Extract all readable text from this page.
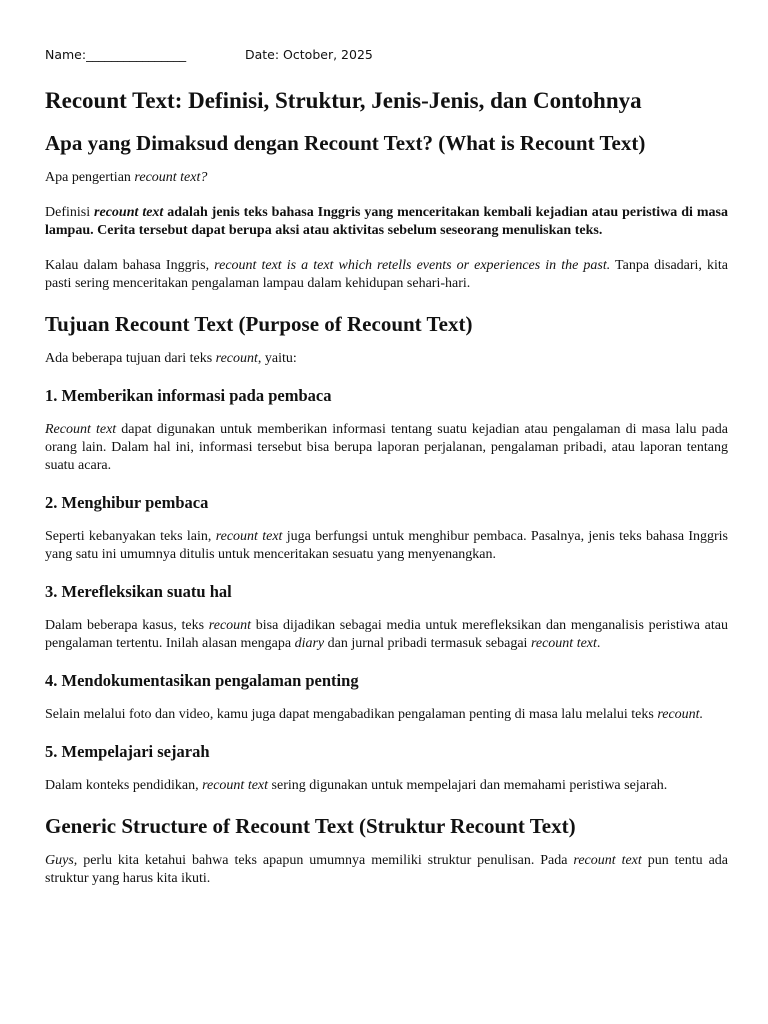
Name:________________	Date: October, 2025
Recount Text: Definisi, Struktur, Jenis-Jenis, dan Contohnya
Apa yang Dimaksud dengan Recount Text? (What is Recount Text)

Apa pengertian recount text?

Definisi recount text adalah jenis teks bahasa Inggris yang menceritakan kembali kejadian atau peristiwa di masa lampau. Cerita tersebut dapat berupa aksi atau aktivitas sebelum seseorang menuliskan teks.

Kalau dalam bahasa Inggris, recount text is a text which retells events or experiences in the past. Tanpa disadari, kita pasti sering menceritakan pengalaman lampau dalam kehidupan sehari-hari.

Tujuan Recount Text (Purpose of Recount Text)

Ada beberapa tujuan dari teks recount, yaitu:

1. Memberikan informasi pada pembaca

Recount text dapat digunakan untuk memberikan informasi tentang suatu kejadian atau pengalaman di masa lalu pada orang lain. Dalam hal ini, informasi tersebut bisa berupa laporan perjalanan, pengalaman pribadi, atau laporan tentang suatu acara.

2. Menghibur pembaca

Seperti kebanyakan teks lain, recount text juga berfungsi untuk menghibur pembaca. Pasalnya, jenis teks bahasa Inggris yang satu ini umumnya ditulis untuk menceritakan sesuatu yang menyenangkan.

3. Merefleksikan suatu hal

Dalam beberapa kasus, teks recount bisa dijadikan sebagai media untuk merefleksikan dan menganalisis peristiwa atau pengalaman tertentu. Inilah alasan mengapa diary dan jurnal pribadi termasuk sebagai recount text.

4. Mendokumentasikan pengalaman penting

Selain melalui foto dan video, kamu juga dapat mengabadikan pengalaman penting di masa lalu melalui teks recount.

5. Mempelajari sejarah

Dalam konteks pendidikan, recount text sering digunakan untuk mempelajari dan memahami peristiwa sejarah.

Generic Structure of Recount Text (Struktur Recount Text)

Guys, perlu kita ketahui bahwa teks apapun umumnya memiliki struktur penulisan. Pada recount text pun tentu ada struktur yang harus kita ikuti.
